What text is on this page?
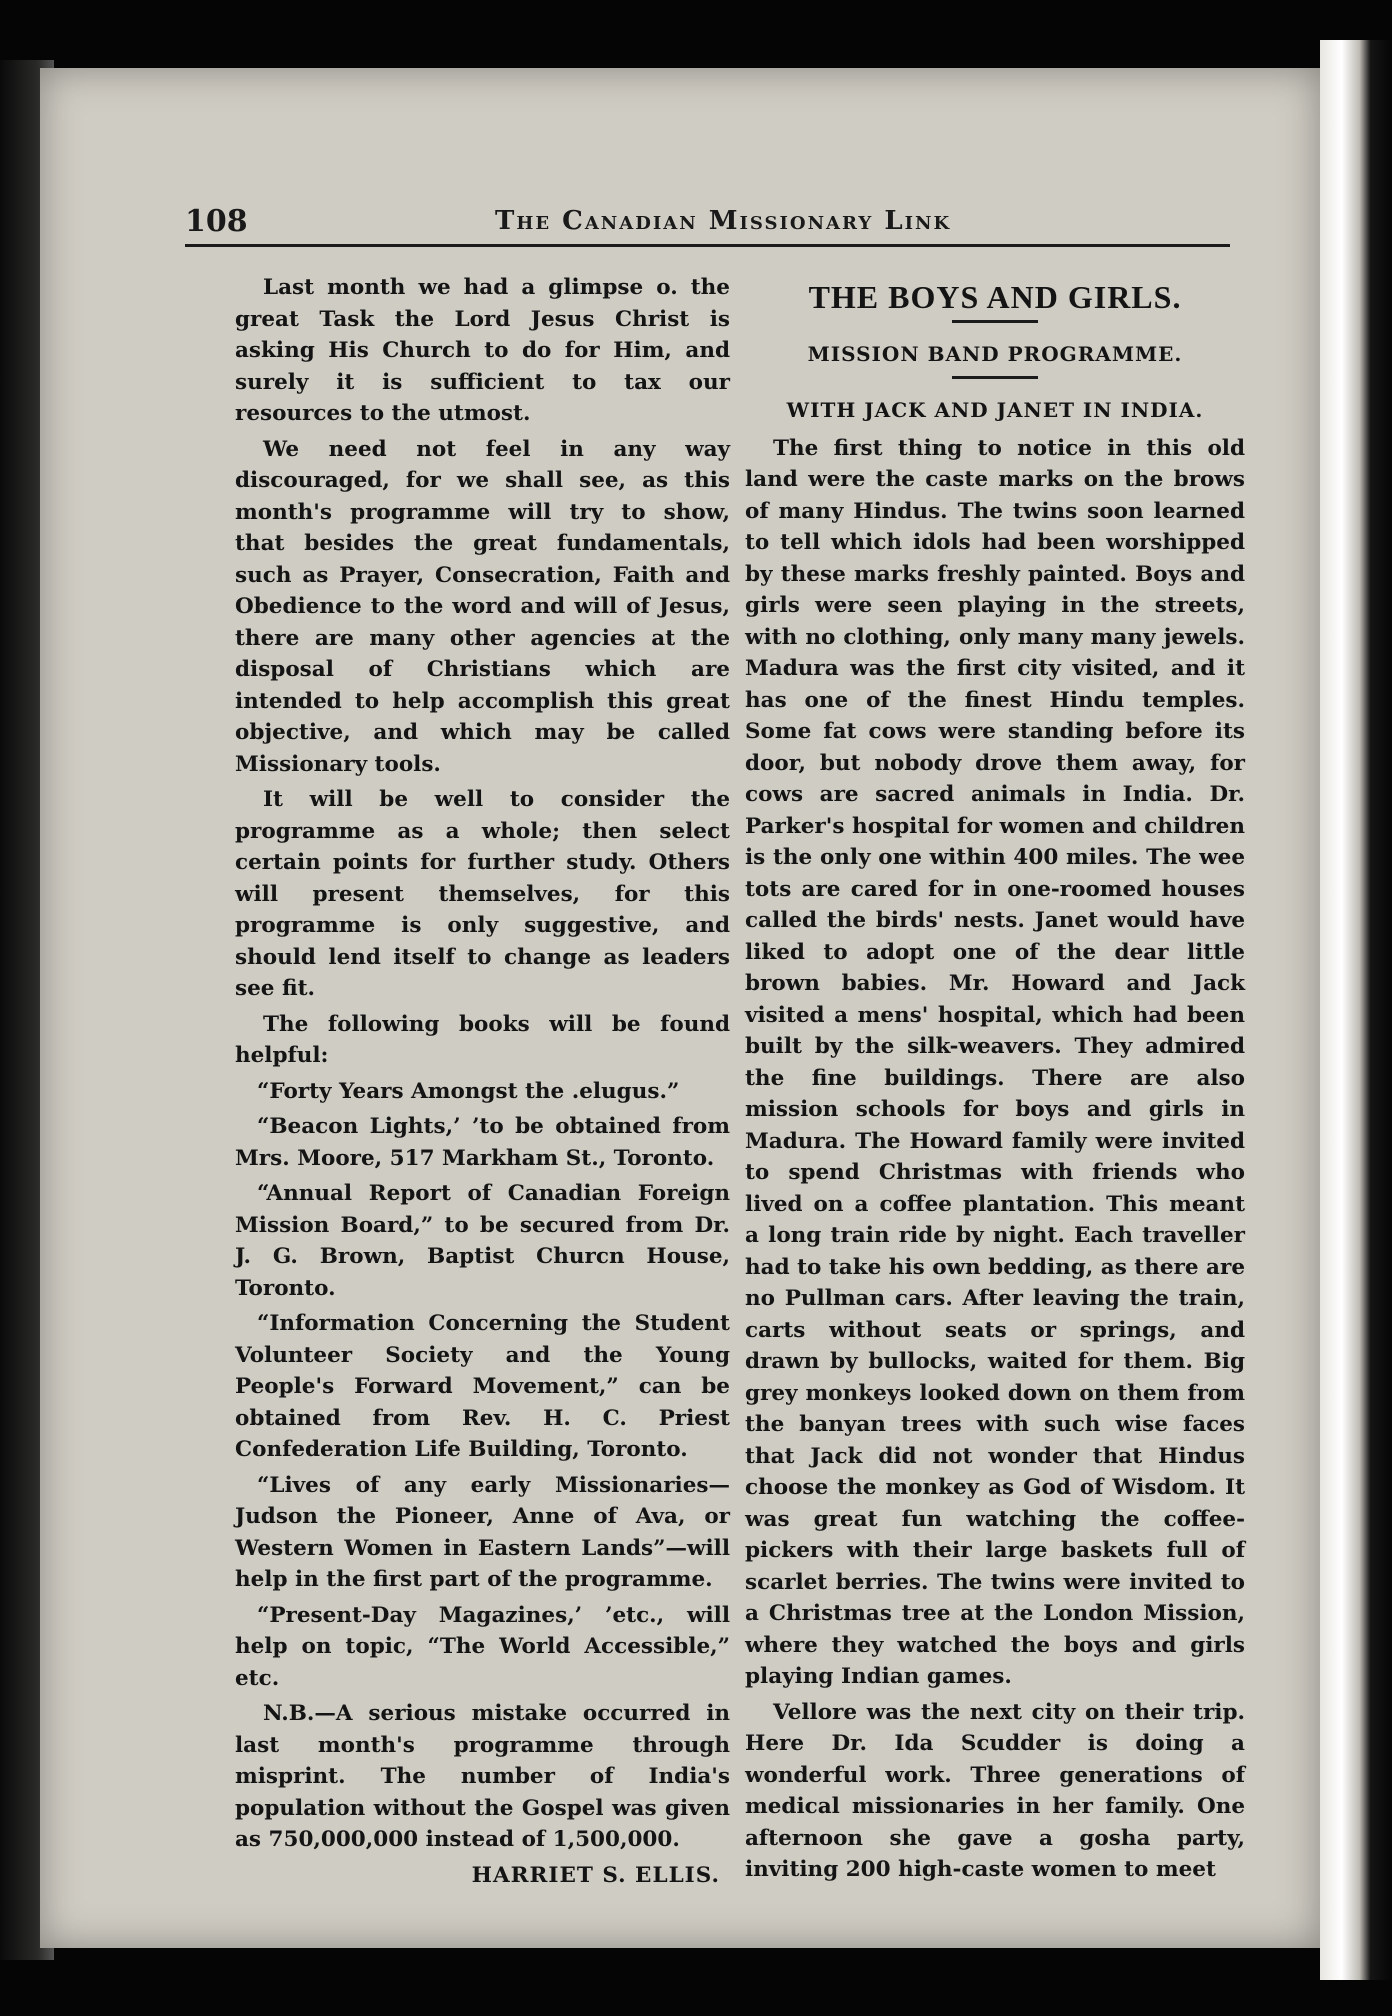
108	The Canadian Missionary Link

Last month we had a glimpse o. the great Task the Lord Jesus Christ is asking His Church to do for Him, and surely it is sufficient to tax our resources to the utmost.

We need not feel in any way discouraged, for we shall see, as this month's programme will try to show, that besides the great fundamentals, such as Prayer, Consecration, Faith and Obedience to the word and will of Jesus, there are many other agencies at the disposal of Christians which are intended to help accomplish this great objective, and which may be called Missionary tools.

It will be well to consider the programme as a whole; then select certain points for further study. Others will present themselves, for this programme is only suggestive, and should lend itself to change as leaders see fit.

The following books will be found helpful:

“Forty Years Amongst the .elugus.”

“Beacon Lights,’ ’to be obtained from Mrs. Moore, 517 Markham St., Toronto.

“Annual Report of Canadian Foreign Mission Board,” to be secured from Dr. J. G. Brown, Baptist Churcn House, Toronto.

“Information Concerning the Student Volunteer Society and the Young People's Forward Movement,” can be obtained from Rev. H. C. Priest Confederation Life Building, Toronto.

“Lives of any early Missionaries—Judson the Pioneer, Anne of Ava, or Western Women in Eastern Lands”—will help in the first part of the programme.

“Present-Day Magazines,’ ’etc., will help on topic, “The World Accessible,” etc.

N.B.—A serious mistake occurred in last month's programme through misprint. The number of India's population without the Gospel was given as 750,000,000 instead of 1,500,000.

HARRIET S. ELLIS.
THE BOYS AND GIRLS.
MISSION BAND PROGRAMME.
WITH JACK AND JANET IN INDIA.

The first thing to notice in this old land were the caste marks on the brows of many Hindus. The twins soon learned to tell which idols had been worshipped by these marks freshly painted. Boys and girls were seen playing in the streets, with no clothing, only many many jewels. Madura was the first city visited, and it has one of the finest Hindu temples. Some fat cows were standing before its door, but nobody drove them away, for cows are sacred animals in India. Dr. Parker's hospital for women and children is the only one within 400 miles. The wee tots are cared for in one-roomed houses called the birds' nests. Janet would have liked to adopt one of the dear little brown babies. Mr. Howard and Jack visited a mens' hospital, which had been built by the silk-weavers. They admired the fine buildings. There are also mission schools for boys and girls in Madura. The Howard family were invited to spend Christmas with friends who lived on a coffee plantation. This meant a long train ride by night. Each traveller had to take his own bedding, as there are no Pullman cars. After leaving the train, carts without seats or springs, and drawn by bullocks, waited for them. Big grey monkeys looked down on them from the banyan trees with such wise faces that Jack did not wonder that Hindus choose the monkey as God of Wisdom. It was great fun watching the coffee-pickers with their large baskets full of scarlet berries. The twins were invited to a Christmas tree at the London Mission, where they watched the boys and girls playing Indian games.

Vellore was the next city on their trip. Here Dr. Ida Scudder is doing a wonderful work. Three generations of medical missionaries in her family. One afternoon she gave a gosha party, inviting 200 high-caste women to meet
